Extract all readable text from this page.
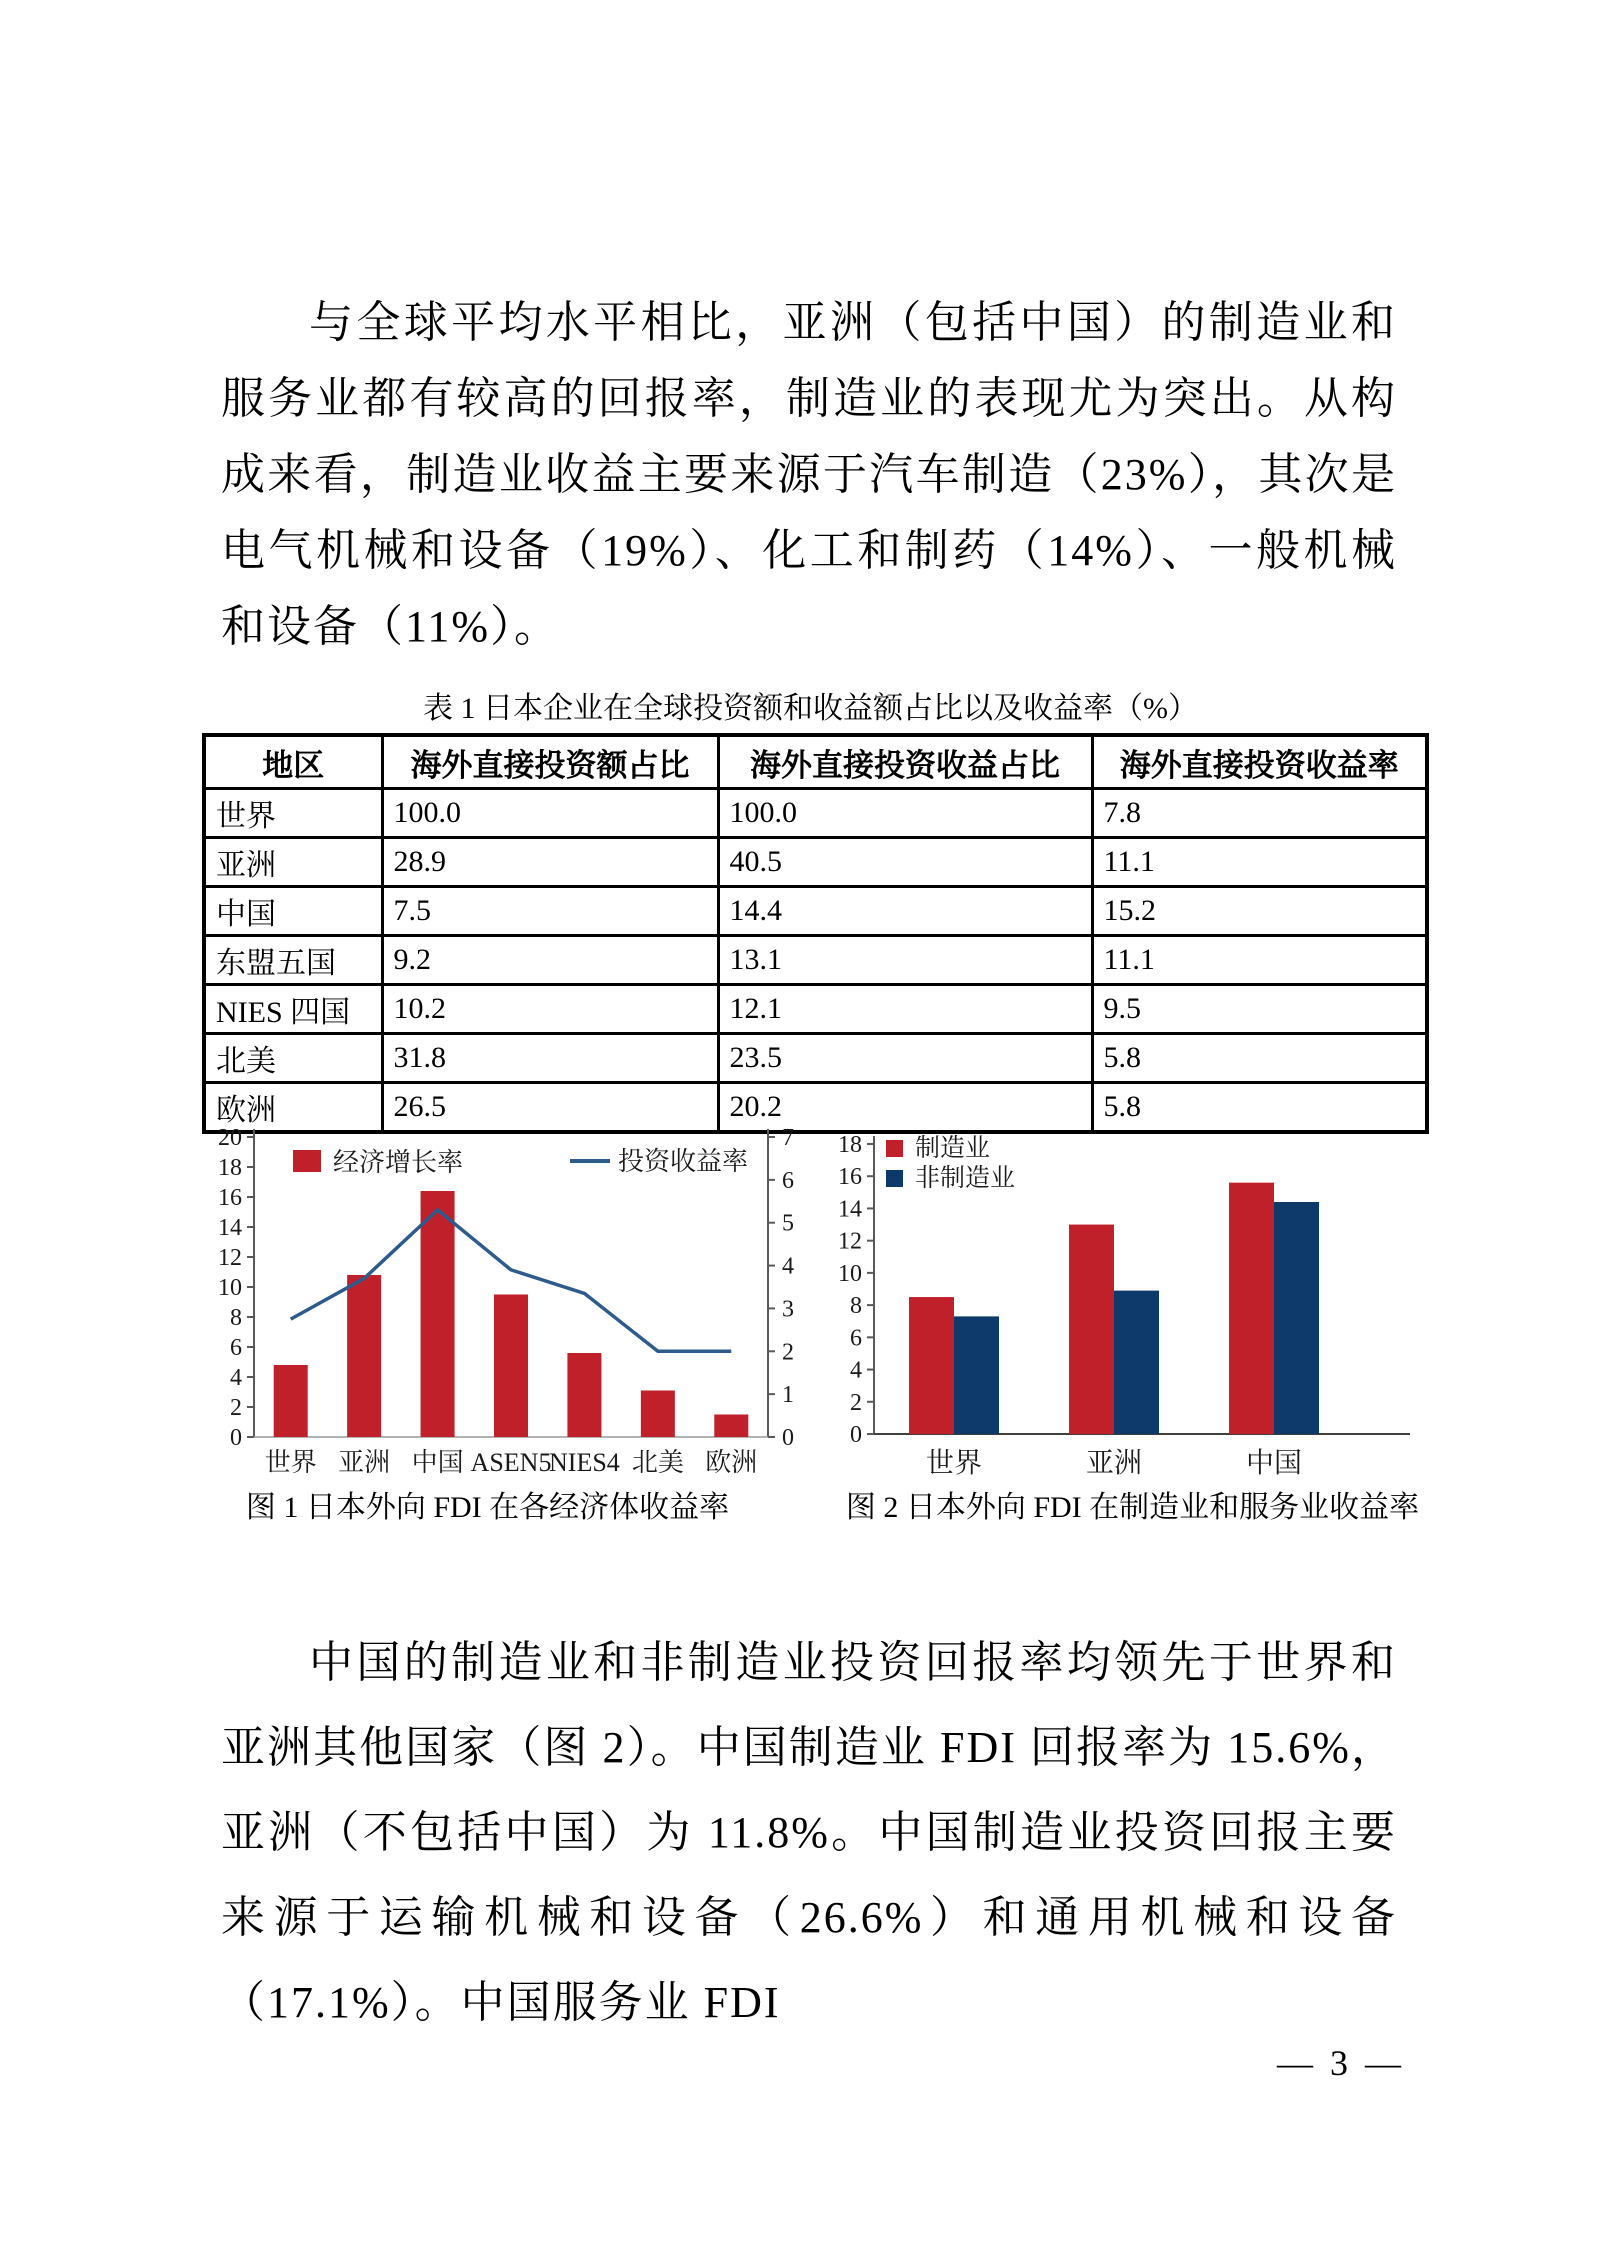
与全球平均水平相比，亚洲（包括中国）的制造业和服务业都有较高的回报率，制造业的表现尤为突出。从构成来看，制造业收益主要来源于汽车制造（23%），其次是电气机械和设备（19%）、化工和制药（14%）、一般机械和设备（11%）。

表 1 日本企业在全球投资额和收益额占比以及收益率（%）
地区	海外直接投资额占比	海外直接投资收益占比	海外直接投资收益率
世界	100.0	100.0	7.8
亚洲	28.9	40.5	11.1
中国	7.5	14.4	15.2
东盟五国	9.2	13.1	11.1
NIES 四国	10.2	12.1	9.5
北美	31.8	23.5	5.8
欧洲	26.5	20.2	5.8
0
2
4
6
8
10
12
14
16
18
20
0
1
2
3
4
5
6
7
世界 亚洲 中国 ASEN5
NIES4 北美 欧洲
经济增长率	投资收益率
图 1 日本外向 FDI 在各经济体收益率
0
2
4
6
8
10
12
14
16
18
世界	亚洲	中国
制造业
非制造业
图 2 日本外向 FDI 在制造业和服务业收益率

中国的制造业和非制造业投资回报率均领先于世界和亚洲其他国家（图 2）。中国制造业 FDI 回报率为 15.6%，亚洲（不包括中国）为 11.8%。中国制造业投资回报主要来源于运输机械和设备（26.6%）和通用机械和设备（17.1%）。中国服务业 FDI

— 3 —
